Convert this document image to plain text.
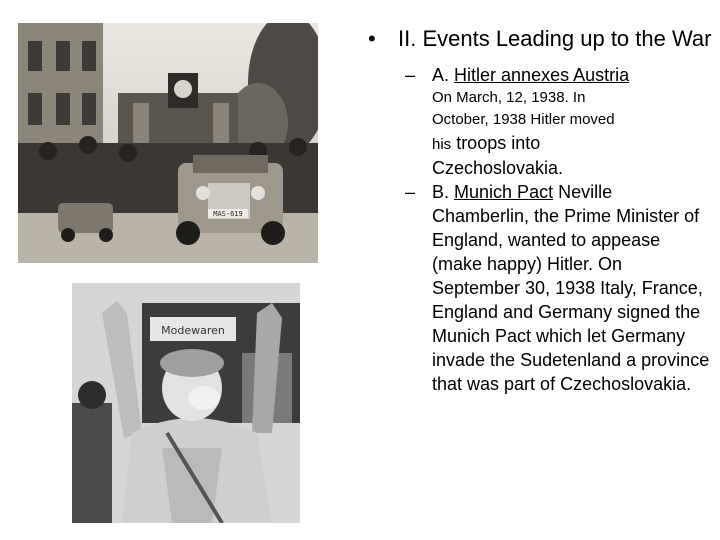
MAS-619
Modewaren
•	II. Events Leading up to the War
– A. Hitler annexes Austria
On March, 12, 1938. In
October, 1938 Hitler moved
his troops into
Czechoslovakia.
– B. Munich Pact Neville Chamberlin, the Prime Minister of England, wanted to appease (make happy) Hitler. On September 30, 1938 Italy, France, England and Germany signed the Munich Pact which let Germany invade the Sudetenland a province that was part of Czechoslovakia.
